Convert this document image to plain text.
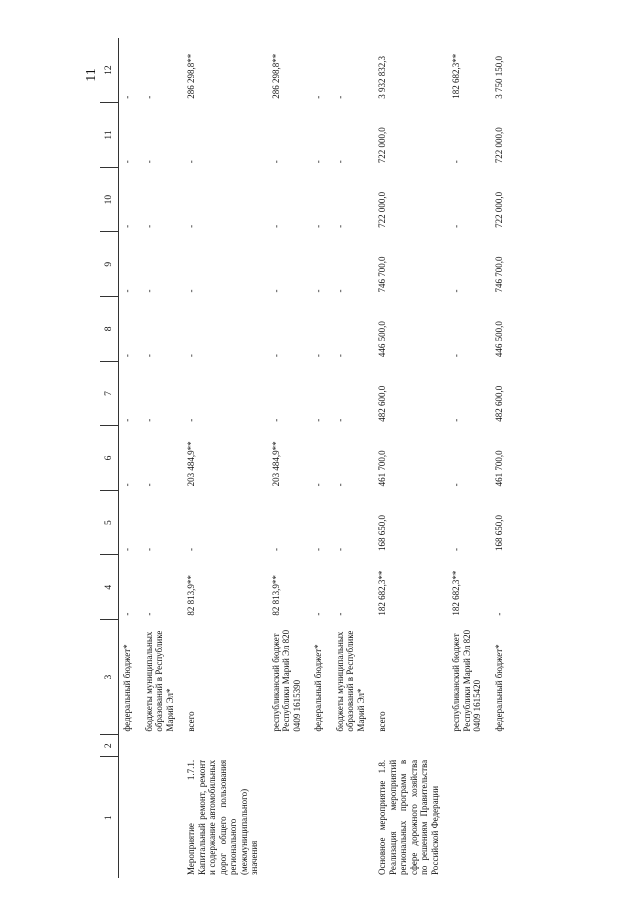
11
1	2	3	4	5	6	7	8	9	10	11	12
		федеральный бюджет*	-	-	-	-	-	-	-	-	-
		бюджеты муниципальных образований в Республике Марий Эл*	-	-	-	-	-	-	-	-	-
Мероприятие 1.7.1. Капитальный ремонт, ремонт и содержание автомобильных дорог общего пользования регионального (межмуниципального) значения		всего	82 813,9**	-	203 484,9**	-	-	-	-	-	286 298,8**
		республиканский бюджет Республики Марий Эл 820 0409 1615390	82 813,9**	-	203 484,9**	-	-	-	-	-	286 298,8**
		федеральный бюджет*	-	-	-	-	-	-	-	-	-
		бюджеты муниципальных образований в Республике Марий Эл*	-	-	-	-	-	-	-	-	-
Основное мероприятие 1.8. Реализация мероприятий региональных программ в сфере дорожного хозяйства по решениям Правительства Российской Федерации		всего	182 682,3**	168 650,0	461 700,0	482 600,0	446 500,0	746 700,0	722 000,0	722 000,0	3 932 832,3
		республиканский бюджет Республики Марий Эл 820 0409 1615420	182 682,3**	-	-	-	-	-	-	-	182 682,3**
		федеральный бюджет*	-	168 650,0	461 700,0	482 600,0	446 500,0	746 700,0	722 000,0	722 000,0	3 750 150,0
